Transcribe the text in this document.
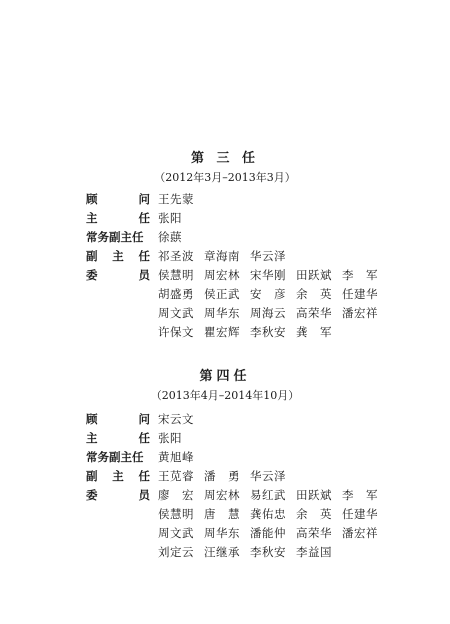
第 三 任
（2012年3月–2013年3月）
顾	问 王先蒙
主	任 张阳
常 务 副 主 任 徐蕻
副 主 任 祁圣波 章海南 华云泽
委	员 侯慧明 周宏林 宋华刚 田跃斌 李　军
胡盛勇 侯正武 安　彦 余　英 任建华
周文武 周华东 周海云 高荣华 潘宏祥
许保文 瞿宏辉 李秋安 龚　军
第四任
（2013年4月–2014年10月）
顾	问 宋云文
主	任 张阳
常 务 副 主 任 黄旭峰
副 主 任 王苋睿 潘　勇 华云泽
委	员 廖　宏 周宏林 易红武 田跃斌 李　军
侯慧明 唐　慧 龚佑忠 余　英 任建华
周文武 周华东 潘能仲 高荣华 潘宏祥
刘定云 汪继承 李秋安 李益国
